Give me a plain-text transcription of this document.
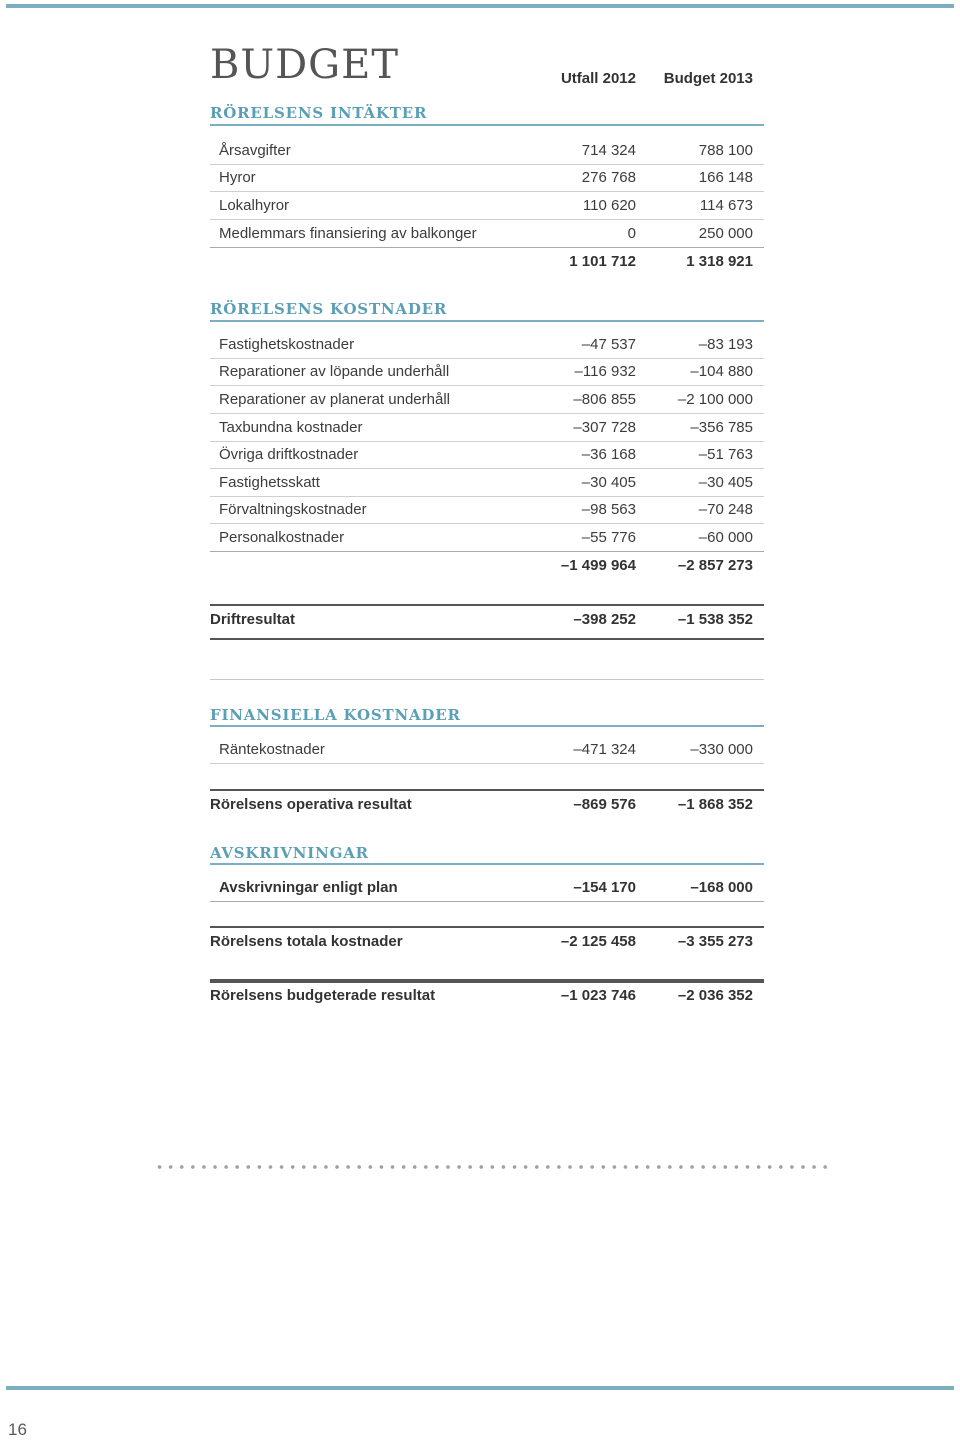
BUDGET	Utfall 2012 Budget 2013
RÖRELSENS INTÄKTER
Årsavgifter	714 324	788 100
Hyror	276 768	166 148
Lokalhyror	110 620	114 673
Medlemmars finansiering av balkonger	0	250 000
1 101 712	1 318 921
RÖRELSENS KOSTNADER
Fastighetskostnader	–47 537	–83 193
Reparationer av löpande underhåll	–116 932	–104 880
Reparationer av planerat underhåll	–806 855	–2 100 000
Taxbundna kostnader	–307 728	–356 785
Övriga driftkostnader	–36 168	–51 763
Fastighetsskatt	–30 405	–30 405
Förvaltningskostnader	–98 563	–70 248
Personalkostnader	–55 776	–60 000
–1 499 964	–2 857 273
Driftresultat	–398 252	–1 538 352
FINANSIELLA KOSTNADER
Räntekostnader	–471 324	–330 000
Rörelsens operativa resultat	–869 576	–1 868 352
AVSKRIVNINGAR
Avskrivningar enligt plan	–154 170	–168 000
Rörelsens totala kostnader	–2 125 458	–3 355 273
Rörelsens budgeterade resultat	–1 023 746	–2 036 352
16
